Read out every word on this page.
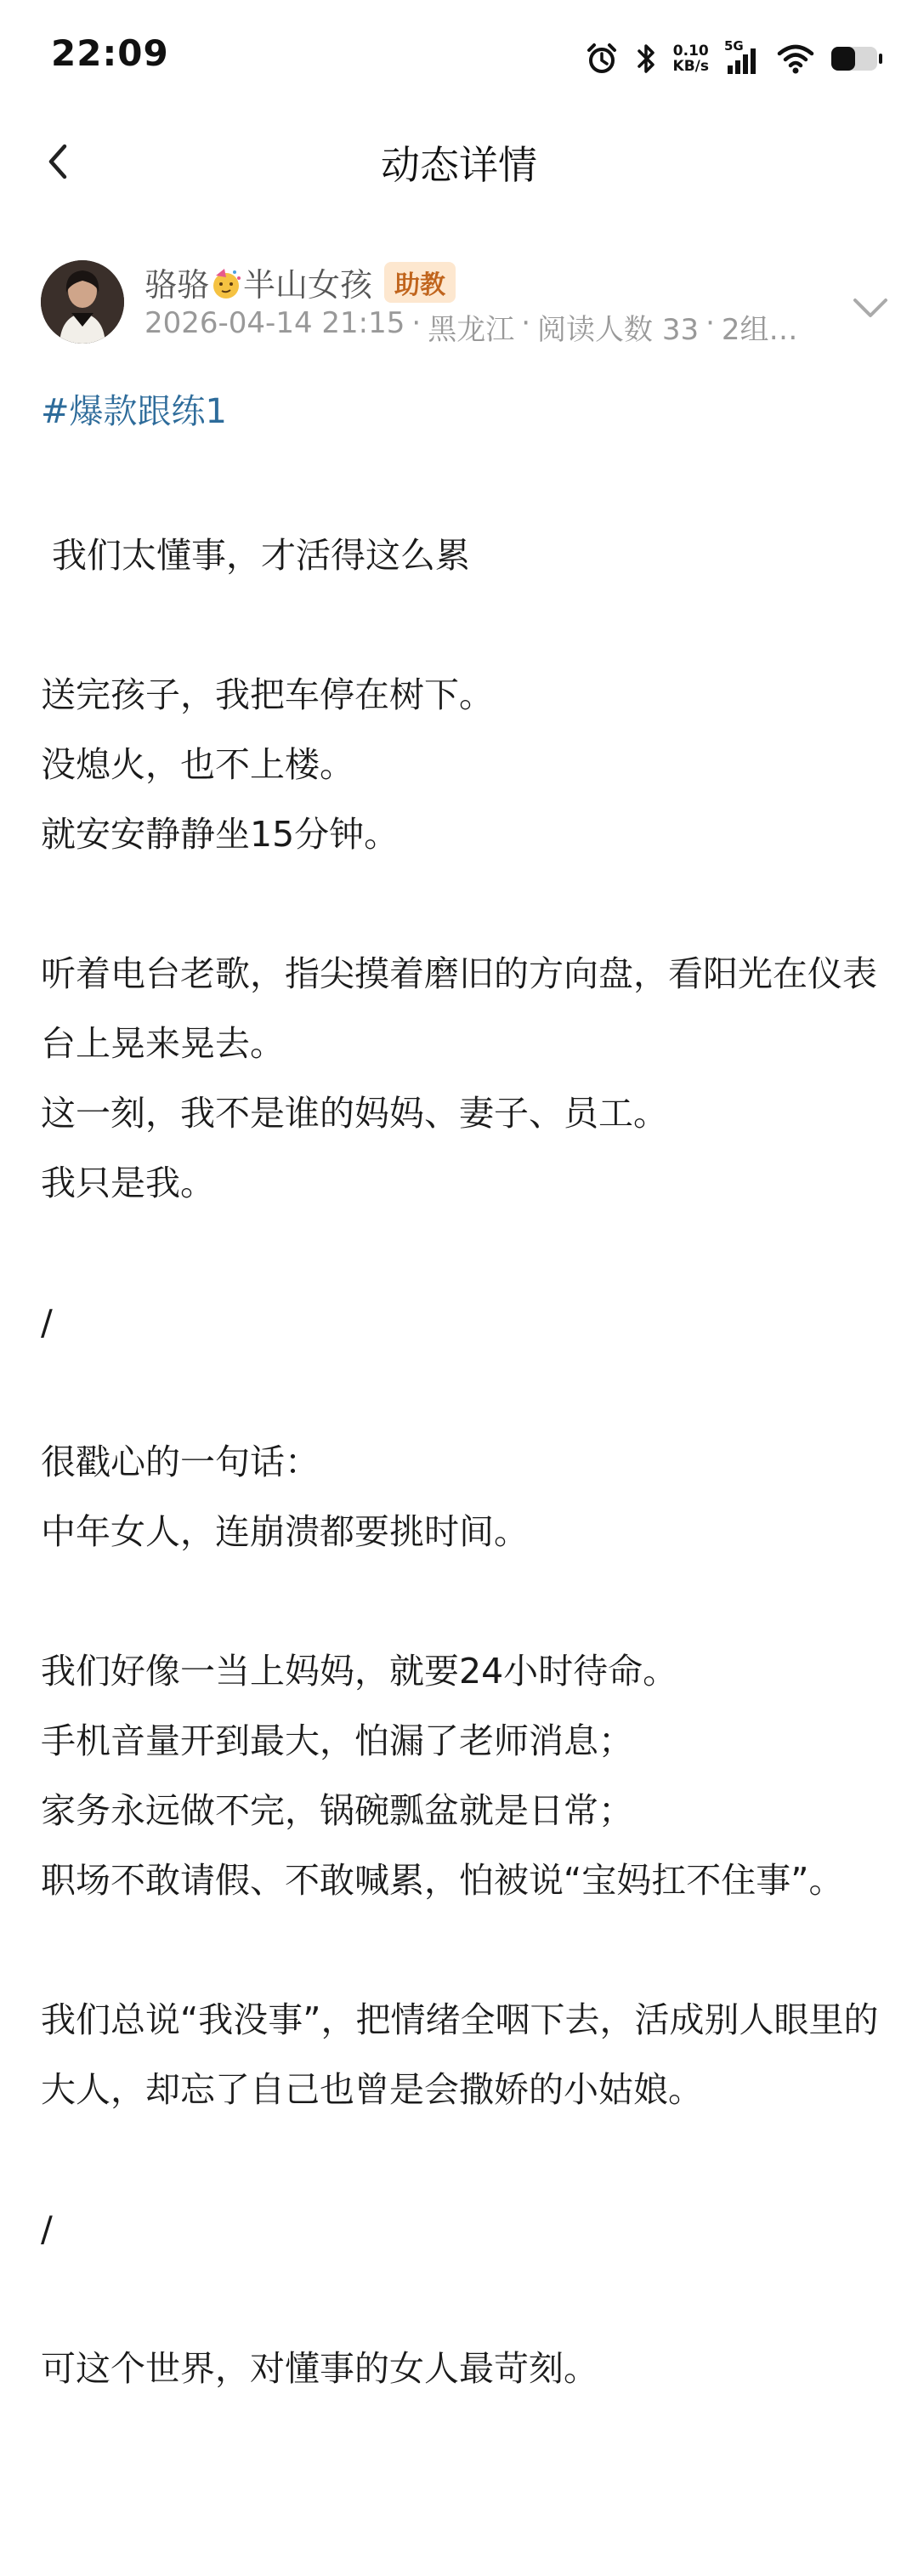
22:09	0.10
KB/s
5G
动态详情
骆骆 半山女孩 助教
2026-04-14 21:15 · 黑龙江 · 阅读人数 33 · 2组…
#爆款跟练1

我们太懂事，才活得这么累

送完孩子，我把车停在树下。

没熄火，也不上楼。

就安安静静坐15分钟。

听着电台老歌，指尖摸着磨旧的方向盘，看阳光在仪表台上晃来晃去。

这一刻，我不是谁的妈妈、妻子、员工。

我只是我。

/

很戳心的一句话：

中年女人，连崩溃都要挑时间。

我们好像一当上妈妈，就要24小时待命。

手机音量开到最大，怕漏了老师消息；

家务永远做不完，锅碗瓢盆就是日常；

职场不敢请假、不敢喊累，怕被说“宝妈扛不住事”。

我们总说“我没事”，把情绪全咽下去，活成别人眼里的大人，却忘了自己也曾是会撒娇的小姑娘。

/

可这个世界，对懂事的女人最苛刻。
